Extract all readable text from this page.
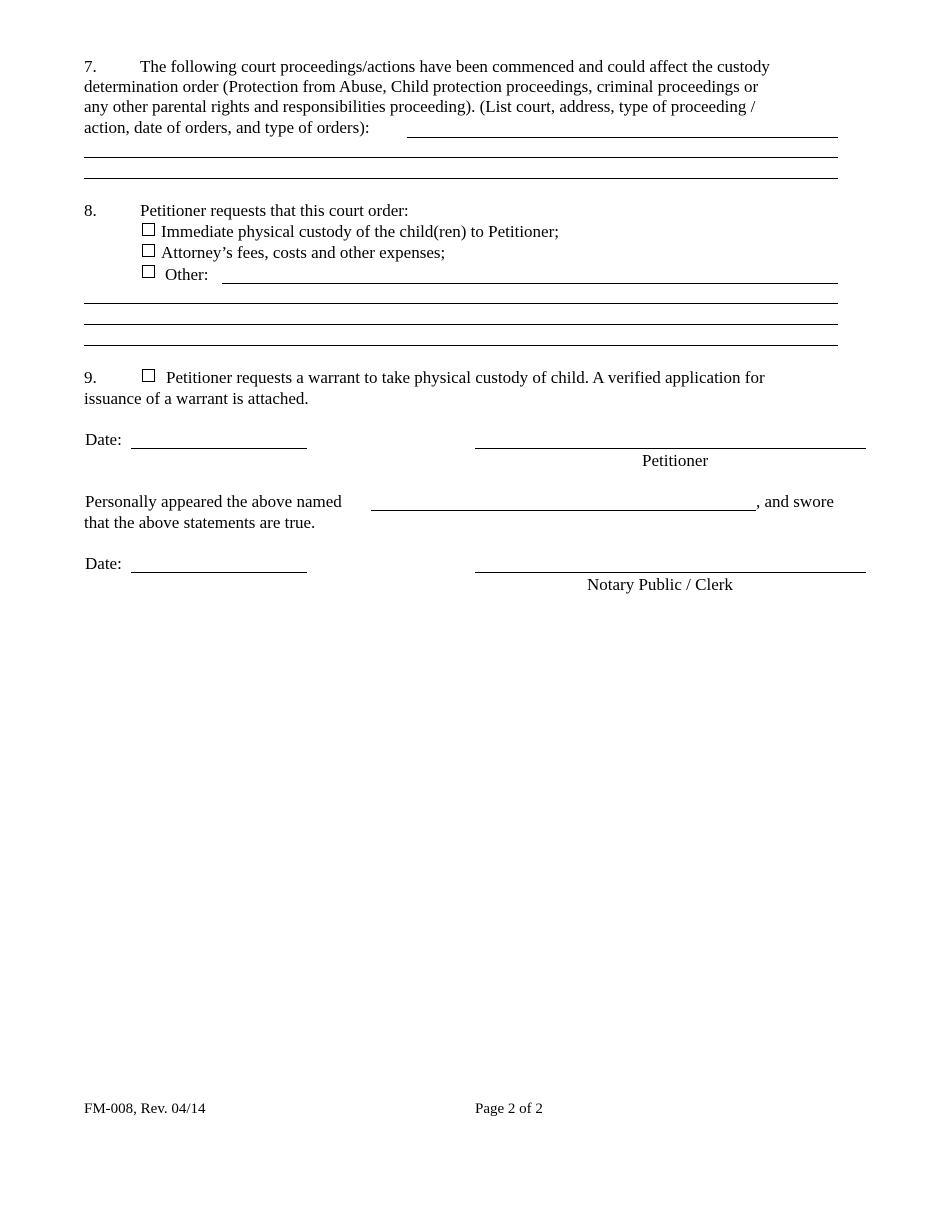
7.	The following court proceedings/actions have been commenced and could affect the custody
determination order (Protection from Abuse, Child protection proceedings, criminal proceedings or
any other parental rights and responsibilities proceeding). (List court, address, type of proceeding /
action, date of orders, and type of orders):
8.	Petitioner requests that this court order:
Immediate physical custody of the child(ren) to Petitioner;
Attorney’s fees, costs and other expenses;
Other:
9.	Petitioner requests a warrant to take physical custody of child. A verified application for
issuance of a warrant is attached.
Date:
Petitioner
Personally appeared the above named	, and swore
that the above statements are true.
Date:
Notary Public / Clerk
FM-008, Rev. 04/14	Page 2 of 2
